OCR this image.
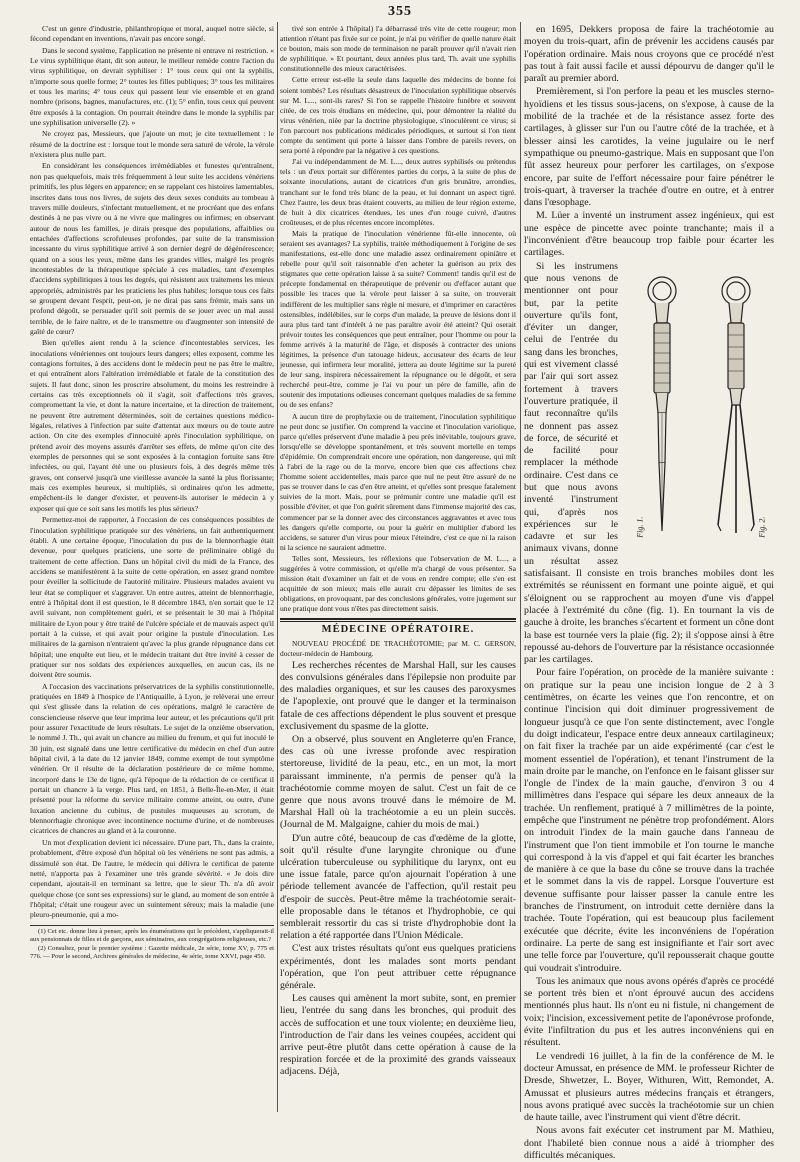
355

C'est un genre d'industrie, philanthropique et moral, auquel notre siècle, si fécond cependant en inventions, n'avait pas encore songé.

Dans le second système, l'application ne présente ni entrave ni restriction. « Le virus syphilitique étant, dit son auteur, le meilleur remède contre l'action du virus syphilitique, on devrait syphiliser : 1° tous ceux qui ont la syphilis, n'importe sous quelle forme; 2° toutes les filles publiques; 3° tous les militaires et tous les marins; 4° tous ceux qui passent leur vie ensemble et en grand nombre (prisons, bagnes, manufactures, etc. (1); 5° enfin, tous ceux qui peuvent être exposés à la contagion. On pourrait éteindre dans le monde la syphilis par une syphilisation universelle (2). »

Ne croyez pas, Messieurs, que j'ajoute un mot; je cite textuellement : le résumé de la doctrine est : lorsque tout le monde sera saturé de vérole, la vérole n'existera plus nulle part.

En considérant les conséquences irrémédiables et funestes qu'entraînent, non pas quelquefois, mais très fréquemment à leur suite les accidens vénériens primitifs, les plus légers en apparence; en se rappelant ces histoires lamentables, inscrites dans tous nos livres, de sujets des deux sexes conduits au tombeau à travers mille douleurs, s'infectant mutuellement, et ne procréant que des enfans destinés à ne pas vivre ou à ne vivre que malingres ou infirmes; en observant autour de nous les familles, je dirais presque des populations, affaiblies ou entachées d'affections scrofuleuses profondes, par suite de la transmission incessante du virus syphilitique arrivé à son dernier degré de dégénérescence; quand on a sous les yeux, même dans les grandes villes, malgré les progrès incontestables de la thérapeutique spéciale à ces maladies, tant d'exemples d'accidens syphilitiques à tous les degrés, qui résistent aux traitemens les mieux appropriés, administrés par les praticiens les plus habiles; lorsque tous ces faits se groupent devant l'esprit, peut-on, je ne dirai pas sans frémir, mais sans un profond dégoût, se persuader qu'il soit permis de se jouer avec un mal aussi terrible, de le faire naître, et de le transmettre ou d'augmenter son intensité de gaîté de cœur?

Bien qu'elles aient rendu à la science d'incontestables services, les inoculations vénériennes ont toujours leurs dangers; elles exposent, comme les contagions fortuites, à des accidens dont le médecin peut ne pas être le maître, et qui entraînent alors l'altération irrémédiable et fatale de la constitution des sujets. Il faut donc, sinon les proscrire absolument, du moins les restreindre à certains cas très exceptionnels où il s'agit, soit d'affections très graves, compromettant la vie, et dont la nature incertaine, et la direction de traitement, ne peuvent être autrement déterminées, soit de certaines questions médico-légales, relatives à l'infection par suite d'attentat aux mœurs ou de toute autre action. On cite des exemples d'innocuité après l'inoculation syphilitique, on prétend avoir des moyens assurés d'arrêter ses effets, de même qu'on cite des exemples de personnes qui se sont exposées à la contagion fortuite sans être infectées, ou qui, l'ayant été une ou plusieurs fois, à des degrés même très graves, ont conservé jusqu'à une vieillesse avancée la santé la plus florissante; mais ces exemples heureux, si multipliés, si ordinaires qu'on les admette, empêchent-ils le danger d'exister, et peuvent-ils autoriser le médecin à y exposer qui que ce soit sans les motifs les plus sérieux?

Permettez-moi de rapporter, à l'occasion de ces conséquences possibles de l'inoculation syphilitique pratiquée sur des vénériens, un fait authentiquement établi. A une certaine époque, l'inoculation du pus de la blennorrhagie était devenue, pour quelques praticiens, une sorte de préliminaire obligé du traitement de cette affection. Dans un hôpital civil du midi de la France, des accidens se manifestèrent à la suite de cette opération, en assez grand nombre pour éveiller la sollicitude de l'autorité militaire. Plusieurs malades avaient vu leur état se compliquer et s'aggraver. Un entre autres, atteint de blennorrhagie, entré à l'hôpital dont il est question, le 8 décembre 1843, n'en sortait que le 12 avril suivant, non complètement guéri, et se présentait le 30 mai à l'hôpital militaire de Lyon pour y être traité de l'ulcère spéciale et de mauvais aspect qu'il portait à la cuisse, et qui avait pour origine la pustule d'inoculation. Les militaires de la garnison n'entraient qu'avec la plus grande répugnance dans cet hôpital; une enquête eut lieu, et le médecin traitant dut être invité à cesser de pratiquer sur nos soldats des expériences auxquelles, en aucun cas, ils ne doivent être soumis.

A l'occasion des vaccinations préservatrices de la syphilis constitutionnelle, pratiquées en 1849 à l'hospice de l'Antiquaille, à Lyon, je relèverai une erreur qui s'est glissée dans la relation de ces opérations, malgré le caractère de consciencieuse réserve que leur imprima leur auteur, et les précautions qu'il prit pour assurer l'exactitude de leurs résultats. Le sujet de la onzième observation, le nommé J. Th., qui avait un chancre au milieu du frenum, et qui fut inoculé le 30 juin, est signalé dans une lettre certificative du médecin en chef d'un autre hôpital civil, à la date du 12 janvier 1849, comme exempt de tout symptôme vénérien. Or il résulte de la déclaration postérieure de ce même homme, incorporé dans le 13e de ligne, qu'à l'époque de la rédaction de ce certificat il portait un chancre à la verge. Plus tard, en 1851, à Belle-Île-en-Mer, il était présenté pour la réforme du service militaire comme atteint, ou outre, d'une luxation ancienne du cubitus, de pustules muqueuses au scrotum, de blennorrhagie chronique avec incontinence nocturne d'urine, et de nombreuses cicatrices de chancres au gland et à la couronne.

Un mot d'explication devient ici nécessaire. D'une part, Th., dans la crainte, probablement, d'être exposé d'un hôpital où les vénériens ne sont pas admis, a dissimulé son état. De l'autre, le médecin qui délivra le certificat de patente netté, n'apporta pas à l'examiner une très grande sévérité. « Je dois dire cependant, ajoutait-il en terminant sa lettre, que le sieur Th. n'a dû avoir quelque chose (ce sont ses expressions) sur le gland, au moment de son entrée à l'hôpital; c'était une rougeur avec un suintement séreux; mais la maladie (une pleuro-pneumonie, qui a mo-

(1) Cet etc. donne lieu à penser, après les énumérations qui le précèdent, s'appliquerait-il aux pensionnats de filles et de garçons, aux séminaires, aux congrégations religieuses, etc.?

(2) Consultez, pour le premier système : Gazette médicale, 2e série, tome XV, p. 775 et 776. — Pour le second, Archives générales de médecine, 4e série, tome XXVI, page 450.

tivé son entrée à l'hôpital) l'a débarrassé très vite de cette rougeur; mon attention n'étant pas fixée sur ce point, je n'ai pu vérifier de quelle nature était ce bouton, mais son mode de terminaison ne paraît prouver qu'il n'avait rien de syphilitique. » Et pourtant, deux années plus tard, Th. avait une syphilis constitutionnelle des mieux caractérisées.

Cette erreur est-elle la seule dans laquelle des médecins de bonne foi soient tombés? Les résultats désastreux de l'inoculation syphilitique observés sur M. L..., sont-ils rares? Si l'on se rappelle l'histoire funèbre et souvent citée, de ces trois étudians en médecine, qui, pour démontrer la réalité du virus vénérien, nièe par la doctrine physiologique, s'inoculèrent ce virus; si l'on parcourt nos publications médicales périodiques, et surtout si l'on tient compte du sentiment qui porte à laisser dans l'ombre de pareils revers, on sera porté à répondre par la négative à ces questions.

J'ai vu indépendamment de M. L..., deux autres syphilisés ou prétendus tels : un d'eux portait sur différentes parties du corps, à la suite de plus de soixante inoculations, autant de cicatrices d'un gris brunâtre, arrondies, tranchant sur le fond très blanc de la peau, et lui donnant un aspect tigré. Chez l'autre, les deux bras étaient couverts, au milieu de leur région externe, de huit à dix cicatrices étendues, les unes d'un rouge cuivré, d'autres croûteuses, et de plus récentes encore incomplètes.

Mais la pratique de l'inoculation vénérienne fût-elle innocente, où seraient ses avantages? La syphilis, traitée méthodiquement à l'origine de ses manifestations, est-elle donc une maladie assez ordinairement opiniâtre et rebelle pour qu'il soit raisonnable d'en acheter la guérison au prix des stigmates que cette opération laisse à sa suite? Comment! tandis qu'il est de précepte fondamental en thérapeutique de prévenir ou d'effacer autant que possible les traces que la vérole peut laisser à sa suite, on trouverait indifférent de les multiplier sans règle ni mesure, et d'imprimer en caractères ostensibles, indélébiles, sur le corps d'un malade, la preuve de lésions dont il aura plus tard tant d'intérêt à ne pas paraître avoir été atteint? Qui oserait prévoir toutes les conséquences que peut entraîner, pour l'homme ou pour la femme arrivés à la maturité de l'âge, et disposés à contracter des unions légitimes, la présence d'un tatouage hideux, accusateur des écarts de leur jeunesse, qui infirmera leur moralité, jettera au doute légitime sur la pureté de leur sang, inspirera nécessairement la répugnance ou le dégoût, et sera recherché peut-être, comme je l'ai vu pour un père de famille, afin de soutenir des imputations odieuses concernant quelques maladies de sa femme ou de ses enfans?

A aucun titre de prophylaxie ou de traitement, l'inoculation syphilitique ne peut donc se justifier. On comprend la vaccine et l'inoculation variolique, parce qu'elles préservent d'une maladie à peu près inévitable, toujours grave, lorsqu'elle se développe spontanément, et très souvent mortelle en temps d'épidémie. On comprendrait encore une opération, non dangereuse, qui mît à l'abri de la rage ou de la morve, encore bien que ces affections chez l'homme soient accidentelles, mais parce que nul ne peut être assuré de ne pas se trouver dans le cas d'en être atteint, et qu'elles sont presque fatalement suivies de la mort. Mais, pour se prémunir contre une maladie qu'il est possible d'éviter, et que l'on guérit sûrement dans l'immense majorité des cas, commencer par se la donner avec des circonstances aggravantes et avec tous les dangers qu'elle comporte, ou pour la guérir en multiplier d'abord les accidens, se saturer d'un virus pour mieux l'éteindre, c'est ce que ni la raison ni la science ne sauraient admettre.

Telles sont, Messieurs, les réflexions que l'observation de M. L..., a suggérées à votre commission, et qu'elle m'a chargé de vous présenter. Sa mission était d'examiner un fait et de vous en rendre compte; elle s'en est acquittée de son mieux; mais elle aurait cru dépasser les limites de ses obligations, en provoquant, par des conclusions générales, votre jugement sur une pratique dont vous n'êtes pas directement saisis.

MÉDECINE OPÉRATOIRE.

NOUVEAU PROCÉDÉ DE TRACHÉOTOMIE; par M. C. GERSON, docteur-médecin de Hambourg.

Les recherches récentes de Marshal Hall, sur les causes des convulsions générales dans l'épilepsie non produite par des maladies organiques, et sur les causes des paroxysmes de l'apoplexie, ont prouvé que le danger et la terminaison fatale de ces affections dépendent le plus souvent et presque exclusivement du spasme de la glotte.

On a observé, plus souvent en Angleterre qu'en France, des cas où une ivresse profonde avec respiration stertoreuse, lividité de la peau, etc., en un mot, la mort paraissant imminente, n'a permis de penser qu'à la trachéotomie comme moyen de salut. C'est un fait de ce genre que nous avons trouvé dans le mémoire de M. Marshal Hall où la trachéotomie a eu un plein succès. (Journal de M. Malgaigne, cahier du mois de mai.)

D'un autre côté, beaucoup de cas d'œdème de la glotte, soit qu'il résulte d'une laryngite chronique ou d'une ulcération tuberculeuse ou syphilitique du larynx, ont eu une issue fatale, parce qu'on ajournait l'opération à une période tellement avancée de l'affection, qu'il restait peu d'espoir de succès. Peut-être même la trachéotomie serait-elle proposable dans le tétanos et l'hydrophobie, ce qui semblerait ressortir du cas si triste d'hydrophobie dont la relation a été rapportée dans l'Union Médicale.

C'est aux tristes résultats qu'ont eus quelques praticiens expérimentés, dont les malades sont morts pendant l'opération, que l'on peut attribuer cette répugnance générale.

Les causes qui amènent la mort subite, sont, en premier lieu, l'entrée du sang dans les bronches, qui produit des accès de suffocation et une toux violente; en deuxième lieu, l'introduction de l'air dans les veines coupées, accident qui arrive peut-être plutôt dans cette opération à cause de la respiration forcée et de la proximité des grands vaisseaux adjacens. Déjà,

en 1695, Dekkers proposa de faire la trachéotomie au moyen du trois-quart, afin de prévenir les accidens causés par l'opération ordinaire. Mais nous croyons que ce procédé n'est pas tout à fait aussi facile et aussi dépourvu de danger qu'il le paraît au premier abord.

Premièrement, si l'on perfore la peau et les muscles sterno-hyoïdiens et les tissus sous-jacens, on s'expose, à cause de la mobilité de la trachée et de la résistance assez forte des cartilages, à glisser sur l'un ou l'autre côté de la trachée, et à blesser ainsi les carotides, la veine jugulaire ou le nerf sympathique ou pneumo-gastrique. Mais en supposant que l'on fût assez heureux pour perforer les cartilages, on s'expose encore, par suite de l'effort nécessaire pour faire pénétrer le trois-quart, à traverser la trachée d'outre en outre, et à entrer dans l'œsophage.

M. Lüer a inventé un instrument assez ingénieux, qui est une espèce de pincette avec pointe tranchante; mais il a l'inconvénient d'être beaucoup trop faible pour écarter les cartilages.

Fig. 1.	Fig. 2.

Si les instrumens que nous venons de mentionner ont pour but, par la petite ouverture qu'ils font, d'éviter un danger, celui de l'entrée du sang dans les bronches, qui est vivement classé par l'air qui sort assez fortement à travers l'ouverture pratiquée, il faut reconnaître qu'ils ne donnent pas assez de force, de sécurité et de facilité pour remplacer la méthode ordinaire. C'est dans ce but que nous avons inventé l'instrument qui, d'après nos expériences sur le cadavre et sur les animaux vivans, donne un résultat assez satisfaisant. Il consiste en trois branches mobiles dont les extrémités se réunissent en formant une pointe aiguë, et qui s'éloignent ou se rapprochent au moyen d'une vis d'appel placée à l'extrémité du cône (fig. 1). En tournant la vis de gauche à droite, les branches s'écartent et forment un cône dont la base est tournée vers la plaie (fig. 2); il s'oppose ainsi à être repoussé au-dehors de l'ouverture par la résistance occasionnée par les cartilages.

Pour faire l'opération, on procède de la manière suivante : on pratique sur la peau une incision longue de 2 à 3 centimètres, on écarte les veines que l'on rencontre, et on continue l'incision qui doit diminuer progressivement de longueur jusqu'à ce que l'on sente distinctement, avec l'ongle du doigt indicateur, l'espace entre deux anneaux cartilagineux; on fait fixer la trachée par un aide expérimenté (car c'est le moment essentiel de l'opération), et tenant l'instrument de la main droite par le manche, on l'enfonce en le faisant glisser sur l'ongle de l'index de la main gauche, d'environ 3 ou 4 millimètres dans l'espace qui sépare les deux anneaux de la trachée. Un renflement, pratiqué à 7 millimètres de la pointe, empêche que l'instrument ne pénètre trop profondément. Alors on introduit l'index de la main gauche dans l'anneau de l'instrument que l'on tient immobile et l'on tourne le manche qui correspond à la vis d'appel et qui fait écarter les branches de manière à ce que la base du cône se trouve dans la trachée et le sommet dans la vis de rappel. Lorsque l'ouverture est devenue suffisante pour laisser passer la canule entre les branches de l'instrument, on introduit cette dernière dans la trachée. Toute l'opération, qui est beaucoup plus facilement exécutée que décrite, évite les inconvéniens de l'opération ordinaire. La perte de sang est insignifiante et l'air sort avec une telle force par l'ouverture, qu'il repousserait chaque goutte qui voudrait s'introduire.

Tous les animaux que nous avons opérés d'après ce procédé se portent très bien et n'ont éprouvé aucun des accidens mentionnés plus haut. Ils n'ont eu ni fistule, ni changement de voix; l'incision, excessivement petite de l'aponévrose profonde, évite l'infiltration du pus et les autres inconvéniens qui en résultent.

Le vendredi 16 juillet, à la fin de la conférence de M. le docteur Amussat, en présence de MM. le professeur Richter de Dresde, Shwetzer, L. Boyer, Withuren, Witt, Remondet, A. Amussat et plusieurs autres médecins français et étrangers, nous avons pratiqué avec succès la trachéotomie sur un chien de haute taille, avec l'instrument qui vient d'être décrit.

Nous avons fait exécuter cet instrument par M. Mathieu, dont l'habileté bien connue nous a aidé à triompher des difficultés mécaniques.
